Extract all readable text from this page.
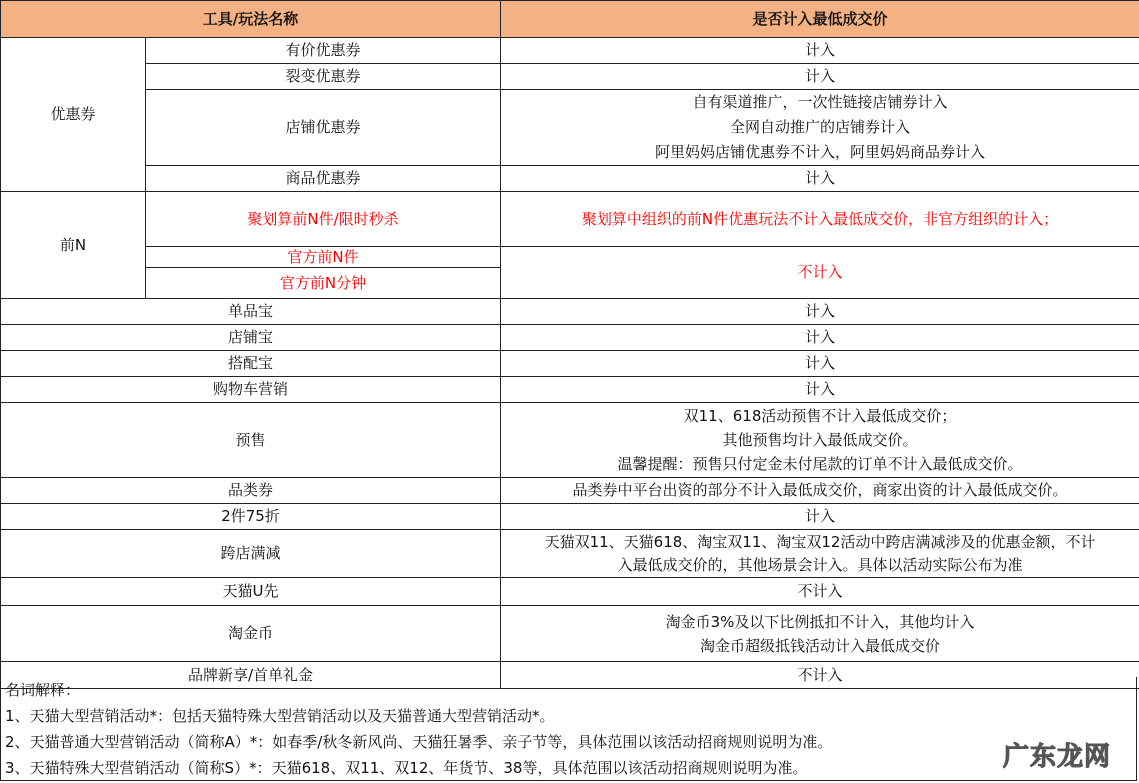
工具/玩法名称		是否计入最低成交价
优惠券	有价优惠券	计入
	裂变优惠券	计入
	店铺优惠券	自有渠道推广，一次性链接店铺券计入
全网自动推广的店铺券计入
阿里妈妈店铺优惠券不计入，阿里妈妈商品券计入

	商品优惠券	计入
前N	聚划算前N件/限时秒杀	聚划算中组织的前N件优惠玩法不计入最低成交价，非官方组织的计入；
	官方前N件	不计入
	官方前N分钟	
单品宝		计入

店铺宝		计入

搭配宝		计入

购物车营销		计入

预售		双11、618活动预售不计入最低成交价；
其他预售均计入最低成交价。
温馨提醒：预售只付定金未付尾款的订单不计入最低成交价。

品类券		品类券中平台出资的部分不计入最低成交价，商家出资的计入最低成交价。

2件75折		计入

跨店满减		天猫双11、天猫618、淘宝双11、淘宝双12活动中跨店满减涉及的优惠金额，不计
入最低成交价的，其他场景会计入。具体以活动实际公布为准

天猫U先		不计入

淘金币		淘金币3%及以下比例抵扣不计入，其他均计入
淘金币超级抵钱活动计入最低成交价

品牌新享/首单礼金		不计入
名词解释：
1、天猫大型营销活动*：包括天猫特殊大型营销活动以及天猫普通大型营销活动*。
2、天猫普通大型营销活动（简称A）*：如春季/秋冬新风尚、天猫狂暑季、亲子节等，具体范围以该活动招商规则说明为准。
3、天猫特殊大型营销活动（简称S）*：天猫618、双11、双12、年货节、38等，具体范围以该活动招商规则说明为准。	广东龙网
